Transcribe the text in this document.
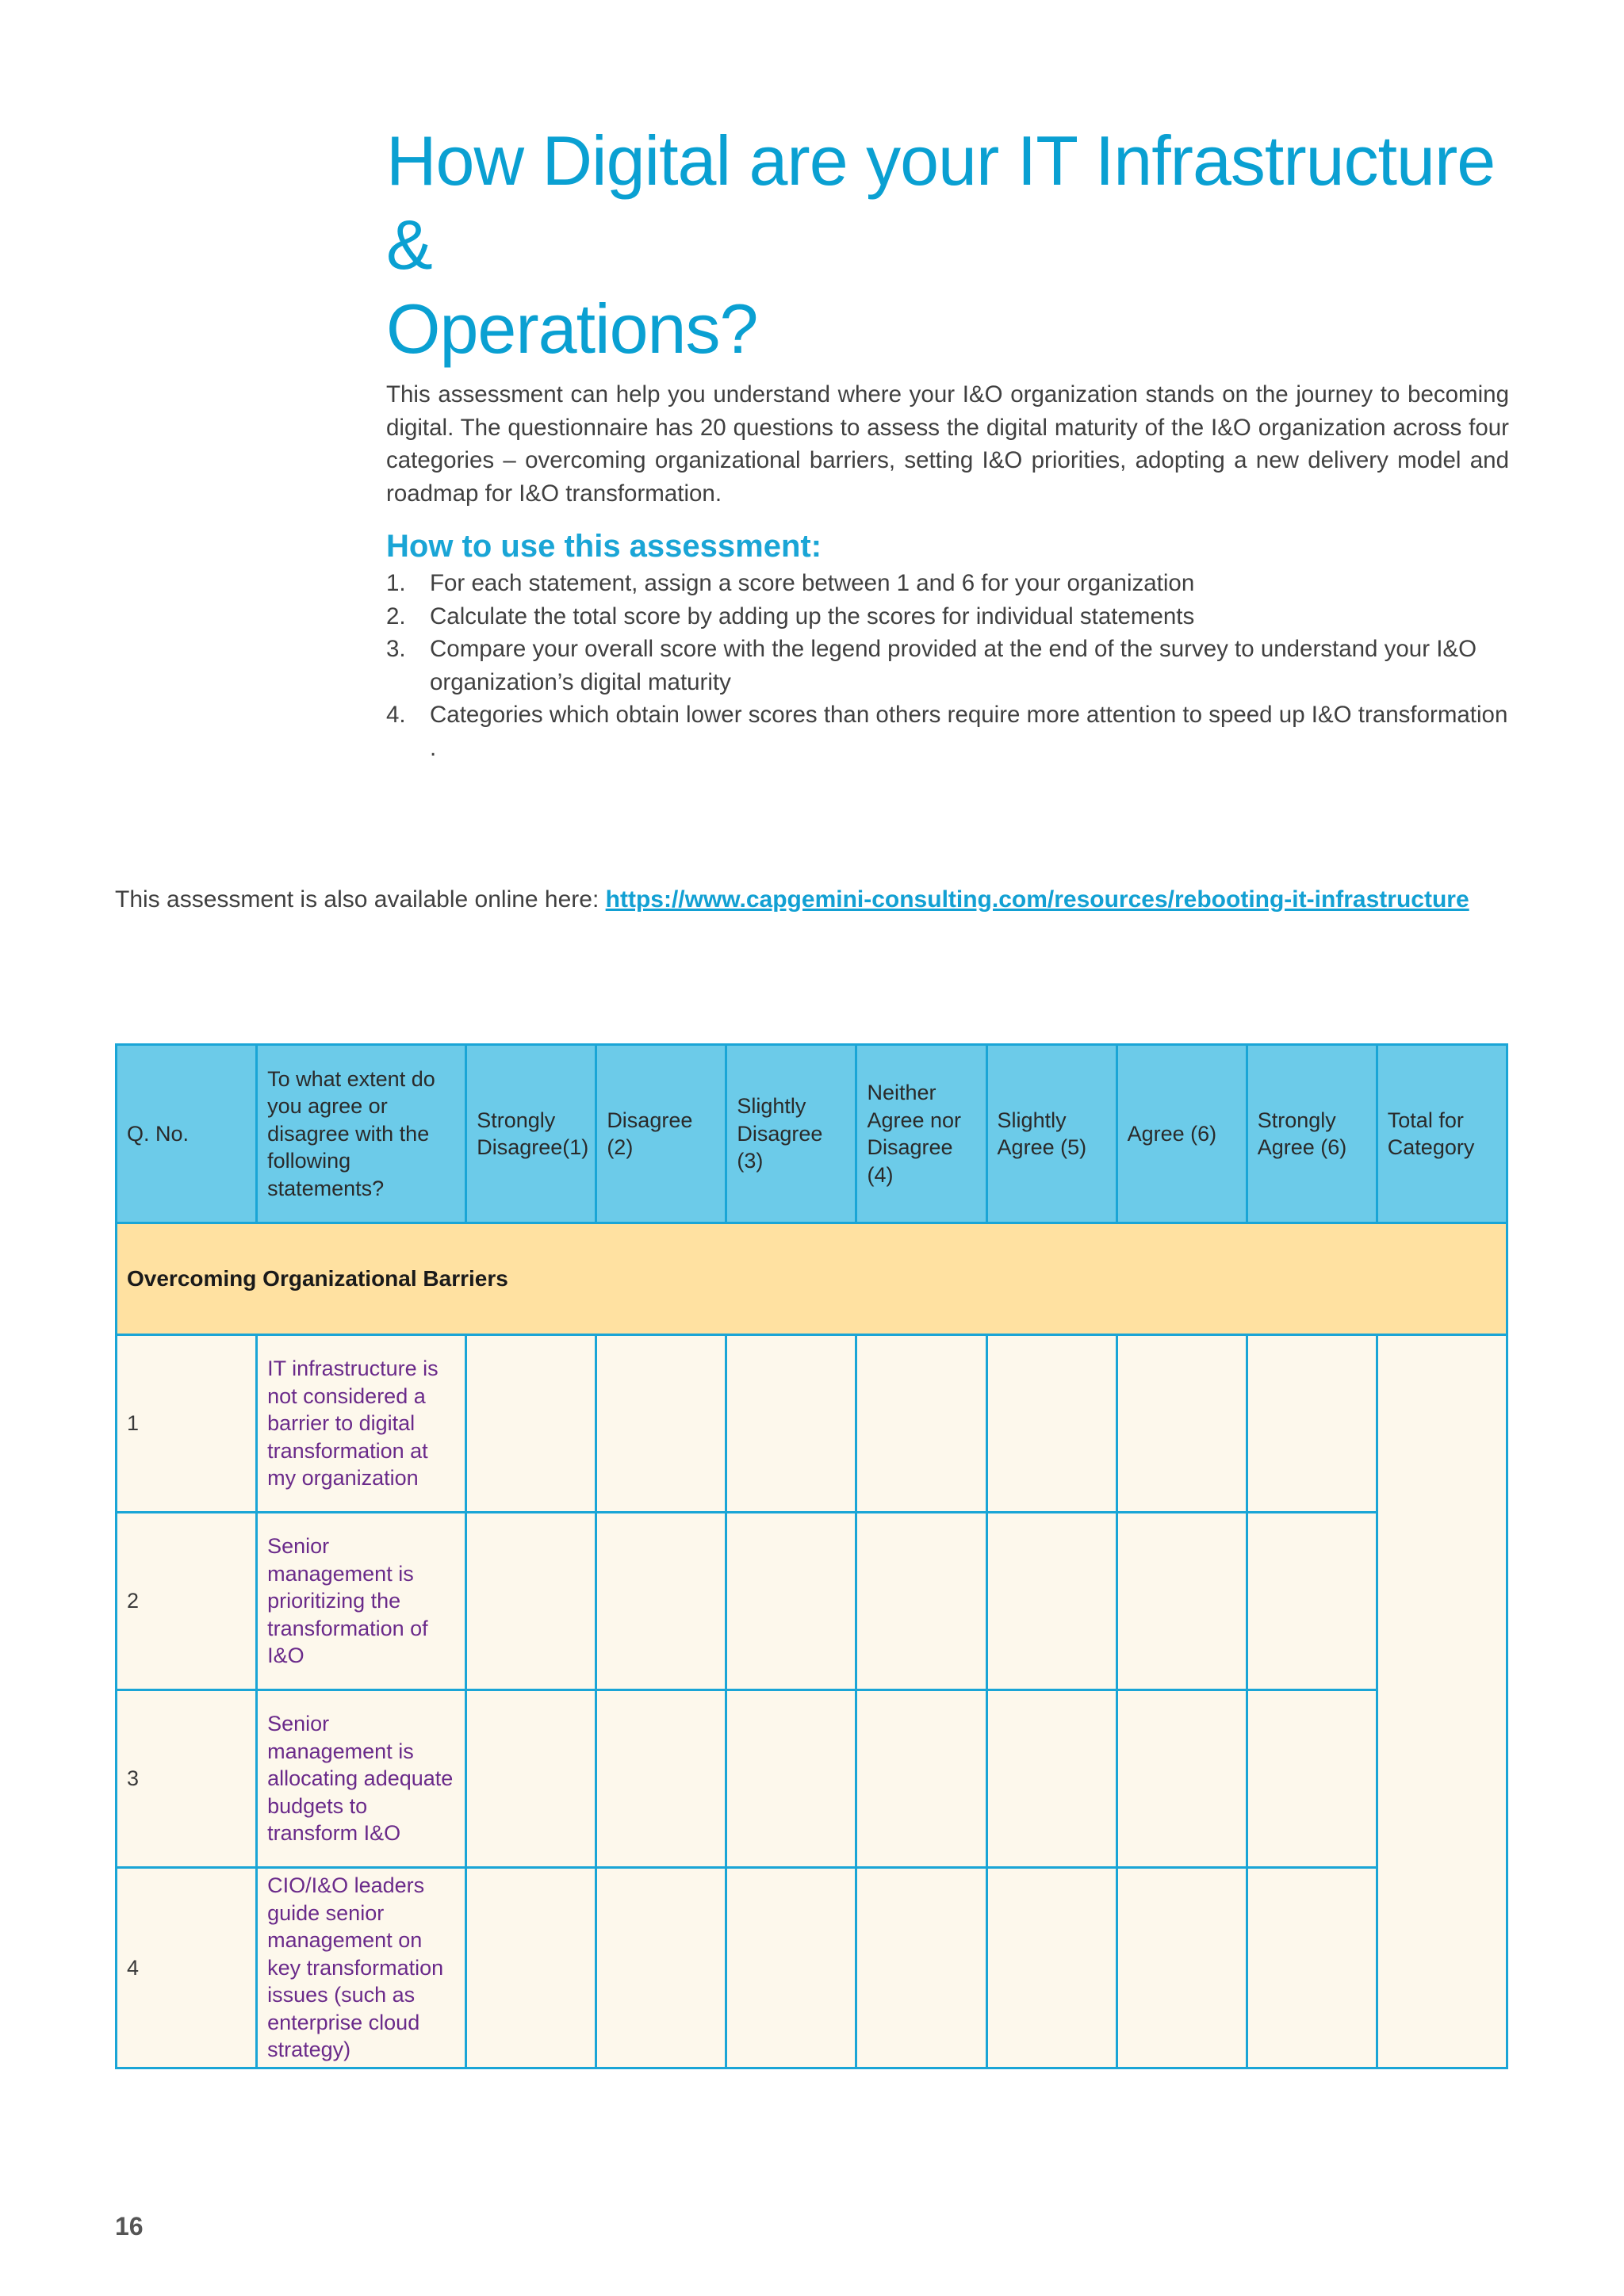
How Digital are your IT Infrastructure &
Operations?

This assessment can help you understand where your I&O organization stands on the journey to becoming digital. The questionnaire has 20 questions to assess the digital maturity of the I&O organization across four categories – overcoming organizational barriers, setting I&O priorities, adopting a new delivery model and roadmap for I&O transformation.

How to use this assessment:
1. For each statement, assign a score between 1 and 6 for your organization
2. Calculate the total score by adding up the scores for individual statements
3. Compare your overall score with the legend provided at the end of the survey to understand your I&O organization’s digital maturity
4. Categories which obtain lower scores than others require more attention to speed up I&O transformation .

This assessment is also available online here: https://www.capgemini-consulting.com/resources/rebooting-it-infrastructure

Q. No.	To what extent do you agree or disagree with the following statements?	Strongly Disagree(1)	Disagree (2)	Slightly Disagree (3)	Neither Agree nor Disagree (4)	Slightly Agree (5)	Agree (6)	Strongly Agree (6)	Total for Category
Overcoming Organizational Barriers									
1	IT infrastructure is not considered a barrier to digital transformation at my organization								
2	Senior management is prioritizing the transformation of I&O								
3	Senior management is allocating adequate budgets to transform I&O								
4	CIO/I&O leaders guide senior management on key transformation issues (such as enterprise cloud strategy)								

16
